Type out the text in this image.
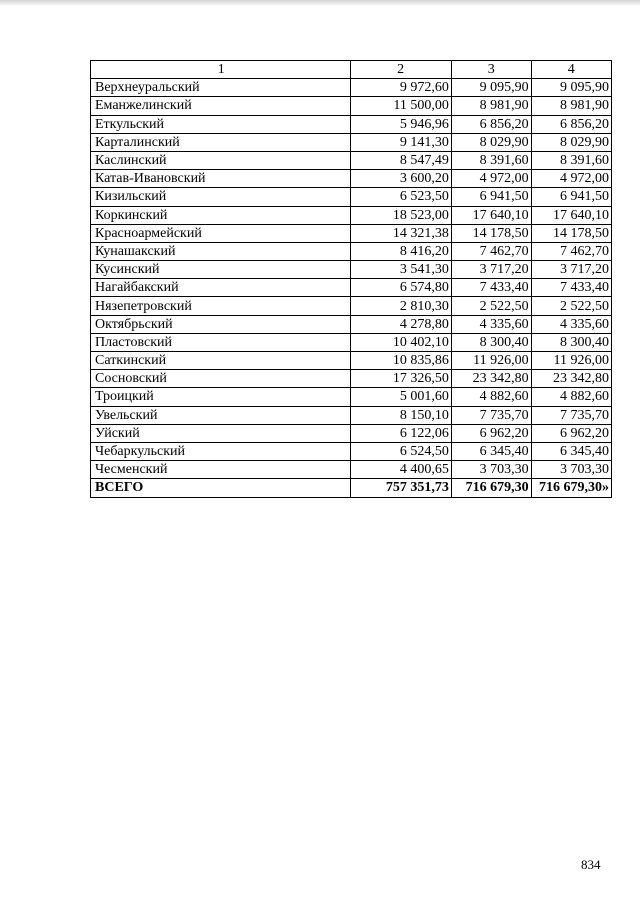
1	2	3	4
Верхнеуральский	9 972,60	9 095,90	9 095,90
Еманжелинский	11 500,00	8 981,90	8 981,90
Еткульский	5 946,96	6 856,20	6 856,20
Карталинский	9 141,30	8 029,90	8 029,90
Каслинский	8 547,49	8 391,60	8 391,60
Катав-Ивановский	3 600,20	4 972,00	4 972,00
Кизильский	6 523,50	6 941,50	6 941,50
Коркинский	18 523,00	17 640,10	17 640,10
Красноармейский	14 321,38	14 178,50	14 178,50
Кунашакский	8 416,20	7 462,70	7 462,70
Кусинский	3 541,30	3 717,20	3 717,20
Нагайбакский	6 574,80	7 433,40	7 433,40
Нязепетровский	2 810,30	2 522,50	2 522,50
Октябрьский	4 278,80	4 335,60	4 335,60
Пластовский	10 402,10	8 300,40	8 300,40
Саткинский	10 835,86	11 926,00	11 926,00
Сосновский	17 326,50	23 342,80	23 342,80
Троицкий	5 001,60	4 882,60	4 882,60
Увельский	8 150,10	7 735,70	7 735,70
Уйский	6 122,06	6 962,20	6 962,20
Чебаркульский	6 524,50	6 345,40	6 345,40
Чесменский	4 400,65	3 703,30	3 703,30
ВСЕГО	757 351,73	716 679,30	716 679,30»
834
